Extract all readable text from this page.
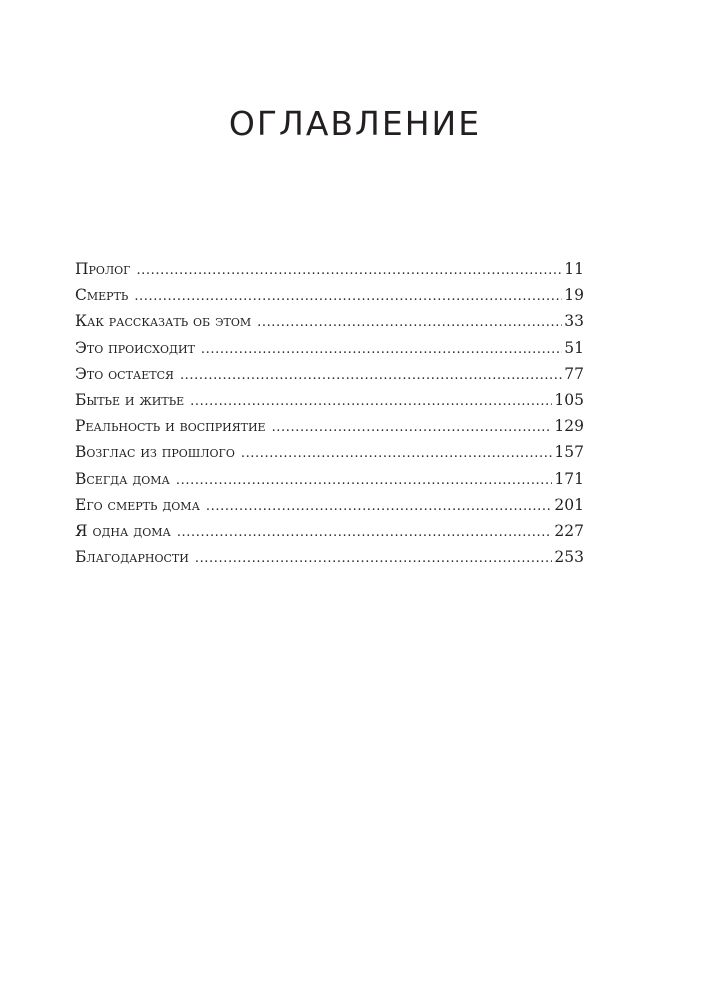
ОГЛАВЛЕНИЕ
Пролог .....	11
Смерть .....	19
Как рассказать об этом .....	33
Это происходит .....	51
Это остается .....	77
Бытье и житье .....	105
Реальность и восприятие .....	129
Возглас из прошлого .....	157
Всегда дома .....	171
Его смерть дома .....	201
Я одна дома .....	227
Благодарности .....	253
